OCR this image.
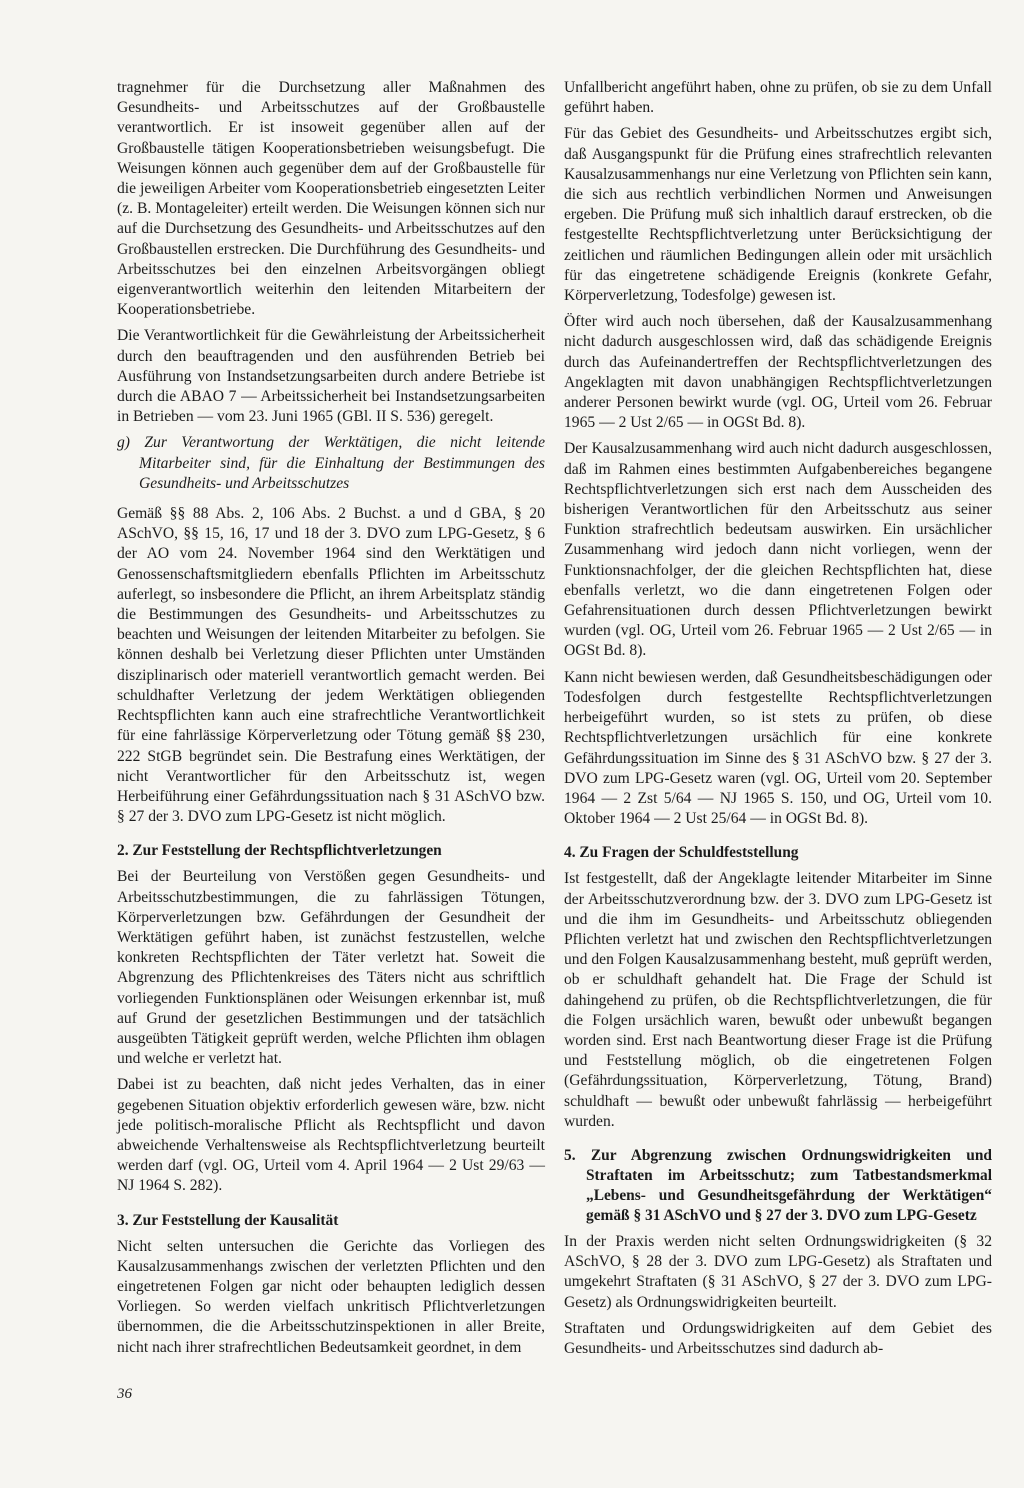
tragnehmer für die Durchsetzung aller Maßnahmen des Gesundheits- und Arbeitsschutzes auf der Großbaustelle verantwortlich. Er ist insoweit gegenüber allen auf der Großbaustelle tätigen Kooperationsbetrieben weisungsbefugt. Die Weisungen können auch gegenüber dem auf der Großbaustelle für die jeweiligen Arbeiter vom Kooperationsbetrieb eingesetzten Leiter (z. B. Montageleiter) erteilt werden. Die Weisungen können sich nur auf die Durchsetzung des Gesundheits- und Arbeitsschutzes auf den Großbaustellen erstrecken. Die Durchführung des Gesundheits- und Arbeitsschutzes bei den einzelnen Arbeitsvorgängen obliegt eigenverantwortlich weiterhin den leitenden Mitarbeitern der Kooperationsbetriebe.

Die Verantwortlichkeit für die Gewährleistung der Arbeitssicherheit durch den beauftragenden und den ausführenden Betrieb bei Ausführung von Instandsetzungsarbeiten durch andere Betriebe ist durch die ABAO 7 — Arbeitssicherheit bei Instandsetzungsarbeiten in Betrieben — vom 23. Juni 1965 (GBl. II S. 536) geregelt.

g) Zur Verantwortung der Werktätigen, die nicht leitende Mitarbeiter sind, für die Einhaltung der Bestimmungen des Gesundheits- und Arbeitsschutzes

Gemäß §§ 88 Abs. 2, 106 Abs. 2 Buchst. a und d GBA, § 20 ASchVO, §§ 15, 16, 17 und 18 der 3. DVO zum LPG-Gesetz, § 6 der AO vom 24. November 1964 sind den Werktätigen und Genossenschaftsmitgliedern ebenfalls Pflichten im Arbeitsschutz auferlegt, so insbesondere die Pflicht, an ihrem Arbeitsplatz ständig die Bestimmungen des Gesundheits- und Arbeitsschutzes zu beachten und Weisungen der leitenden Mitarbeiter zu befolgen. Sie können deshalb bei Verletzung dieser Pflichten unter Umständen disziplinarisch oder materiell verantwortlich gemacht werden. Bei schuldhafter Verletzung der jedem Werktätigen obliegenden Rechtspflichten kann auch eine strafrechtliche Verantwortlichkeit für eine fahrlässige Körperverletzung oder Tötung gemäß §§ 230, 222 StGB begründet sein. Die Bestrafung eines Werktätigen, der nicht Verantwortlicher für den Arbeitsschutz ist, wegen Herbeiführung einer Gefährdungssituation nach § 31 ASchVO bzw. § 27 der 3. DVO zum LPG-Gesetz ist nicht möglich.

2. Zur Feststellung der Rechtspflichtverletzungen

Bei der Beurteilung von Verstößen gegen Gesundheits- und Arbeitsschutzbestimmungen, die zu fahrlässigen Tötungen, Körperverletzungen bzw. Gefährdungen der Gesundheit der Werktätigen geführt haben, ist zunächst festzustellen, welche konkreten Rechtspflichten der Täter verletzt hat. Soweit die Abgrenzung des Pflichtenkreises des Täters nicht aus schriftlich vorliegenden Funktionsplänen oder Weisungen erkennbar ist, muß auf Grund der gesetzlichen Bestimmungen und der tatsächlich ausgeübten Tätigkeit geprüft werden, welche Pflichten ihm oblagen und welche er verletzt hat.

Dabei ist zu beachten, daß nicht jedes Verhalten, das in einer gegebenen Situation objektiv erforderlich gewesen wäre, bzw. nicht jede politisch-moralische Pflicht als Rechtspflicht und davon abweichende Verhaltensweise als Rechtspflichtverletzung beurteilt werden darf (vgl. OG, Urteil vom 4. April 1964 — 2 Ust 29/63 — NJ 1964 S. 282).

3. Zur Feststellung der Kausalität

Nicht selten untersuchen die Gerichte das Vorliegen des Kausalzusammenhangs zwischen der verletzten Pflichten und den eingetretenen Folgen gar nicht oder behaupten lediglich dessen Vorliegen. So werden vielfach unkritisch Pflichtverletzungen übernommen, die die Arbeitsschutzinspektionen in aller Breite, nicht nach ihrer strafrechtlichen Bedeutsamkeit geordnet, in dem

Unfallbericht angeführt haben, ohne zu prüfen, ob sie zu dem Unfall geführt haben.

Für das Gebiet des Gesundheits- und Arbeitsschutzes ergibt sich, daß Ausgangspunkt für die Prüfung eines strafrechtlich relevanten Kausalzusammenhangs nur eine Verletzung von Pflichten sein kann, die sich aus rechtlich verbindlichen Normen und Anweisungen ergeben. Die Prüfung muß sich inhaltlich darauf erstrecken, ob die festgestellte Rechtspflichtverletzung unter Berücksichtigung der zeitlichen und räumlichen Bedingungen allein oder mit ursächlich für das eingetretene schädigende Ereignis (konkrete Gefahr, Körperverletzung, Todesfolge) gewesen ist.

Öfter wird auch noch übersehen, daß der Kausalzusammenhang nicht dadurch ausgeschlossen wird, daß das schädigende Ereignis durch das Aufeinandertreffen der Rechtspflichtverletzungen des Angeklagten mit davon unabhängigen Rechtspflichtverletzungen anderer Personen bewirkt wurde (vgl. OG, Urteil vom 26. Februar 1965 — 2 Ust 2/65 — in OGSt Bd. 8).

Der Kausalzusammenhang wird auch nicht dadurch ausgeschlossen, daß im Rahmen eines bestimmten Aufgabenbereiches begangene Rechtspflichtverletzungen sich erst nach dem Ausscheiden des bisherigen Verantwortlichen für den Arbeitsschutz aus seiner Funktion strafrechtlich bedeutsam auswirken. Ein ursächlicher Zusammenhang wird jedoch dann nicht vorliegen, wenn der Funktionsnachfolger, der die gleichen Rechtspflichten hat, diese ebenfalls verletzt, wo die dann eingetretenen Folgen oder Gefahrensituationen durch dessen Pflichtverletzungen bewirkt wurden (vgl. OG, Urteil vom 26. Februar 1965 — 2 Ust 2/65 — in OGSt Bd. 8).

Kann nicht bewiesen werden, daß Gesundheitsbeschädigungen oder Todesfolgen durch festgestellte Rechtspflichtverletzungen herbeigeführt wurden, so ist stets zu prüfen, ob diese Rechtspflichtverletzungen ursächlich für eine konkrete Gefährdungssituation im Sinne des § 31 ASchVO bzw. § 27 der 3. DVO zum LPG-Gesetz waren (vgl. OG, Urteil vom 20. September 1964 — 2 Zst 5/64 — NJ 1965 S. 150, und OG, Urteil vom 10. Oktober 1964 — 2 Ust 25/64 — in OGSt Bd. 8).

4. Zu Fragen der Schuldfeststellung

Ist festgestellt, daß der Angeklagte leitender Mitarbeiter im Sinne der Arbeitsschutzverordnung bzw. der 3. DVO zum LPG-Gesetz ist und die ihm im Gesundheits- und Arbeitsschutz obliegenden Pflichten verletzt hat und zwischen den Rechtspflichtverletzungen und den Folgen Kausalzusammenhang besteht, muß geprüft werden, ob er schuldhaft gehandelt hat. Die Frage der Schuld ist dahingehend zu prüfen, ob die Rechtspflichtverletzungen, die für die Folgen ursächlich waren, bewußt oder unbewußt begangen worden sind. Erst nach Beantwortung dieser Frage ist die Prüfung und Feststellung möglich, ob die eingetretenen Folgen (Gefährdungssituation, Körperverletzung, Tötung, Brand) schuldhaft — bewußt oder unbewußt fahrlässig — herbeigeführt wurden.

5. Zur Abgrenzung zwischen Ordnungswidrigkeiten und Straftaten im Arbeitsschutz; zum Tatbestandsmerkmal „Lebens- und Gesundheitsgefährdung der Werktätigen“ gemäß § 31 ASchVO und § 27 der 3. DVO zum LPG-Gesetz

In der Praxis werden nicht selten Ordnungswidrigkeiten (§ 32 ASchVO, § 28 der 3. DVO zum LPG-Gesetz) als Straftaten und umgekehrt Straftaten (§ 31 ASchVO, § 27 der 3. DVO zum LPG-Gesetz) als Ordnungswidrigkeiten beurteilt.

Straftaten und Ordungswidrigkeiten auf dem Gebiet des Gesundheits- und Arbeitsschutzes sind dadurch ab-

36
